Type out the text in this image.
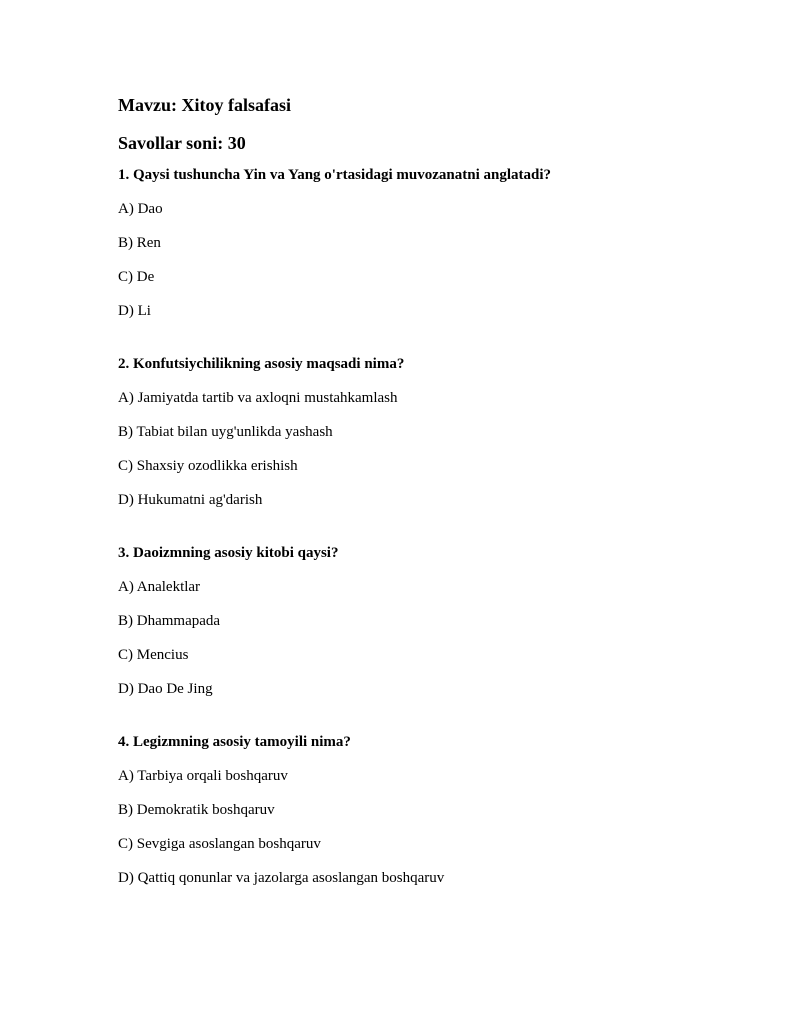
Mavzu: Xitoy falsafasi
Savollar soni: 30
1. Qaysi tushuncha Yin va Yang o'rtasidagi muvozanatni anglatadi?
A) Dao
B) Ren
C) De
D) Li
2. Konfutsiychilikning asosiy maqsadi nima?
A) Jamiyatda tartib va axloqni mustahkamlash
B) Tabiat bilan uyg'unlikda yashash
C) Shaxsiy ozodlikka erishish
D) Hukumatni ag'darish
3. Daoizmning asosiy kitobi qaysi?
A) Analektlar
B) Dhammapada
C) Mencius
D) Dao De Jing
4. Legizmning asosiy tamoyili nima?
A) Tarbiya orqali boshqaruv
B) Demokratik boshqaruv
C) Sevgiga asoslangan boshqaruv
D) Qattiq qonunlar va jazolarga asoslangan boshqaruv
